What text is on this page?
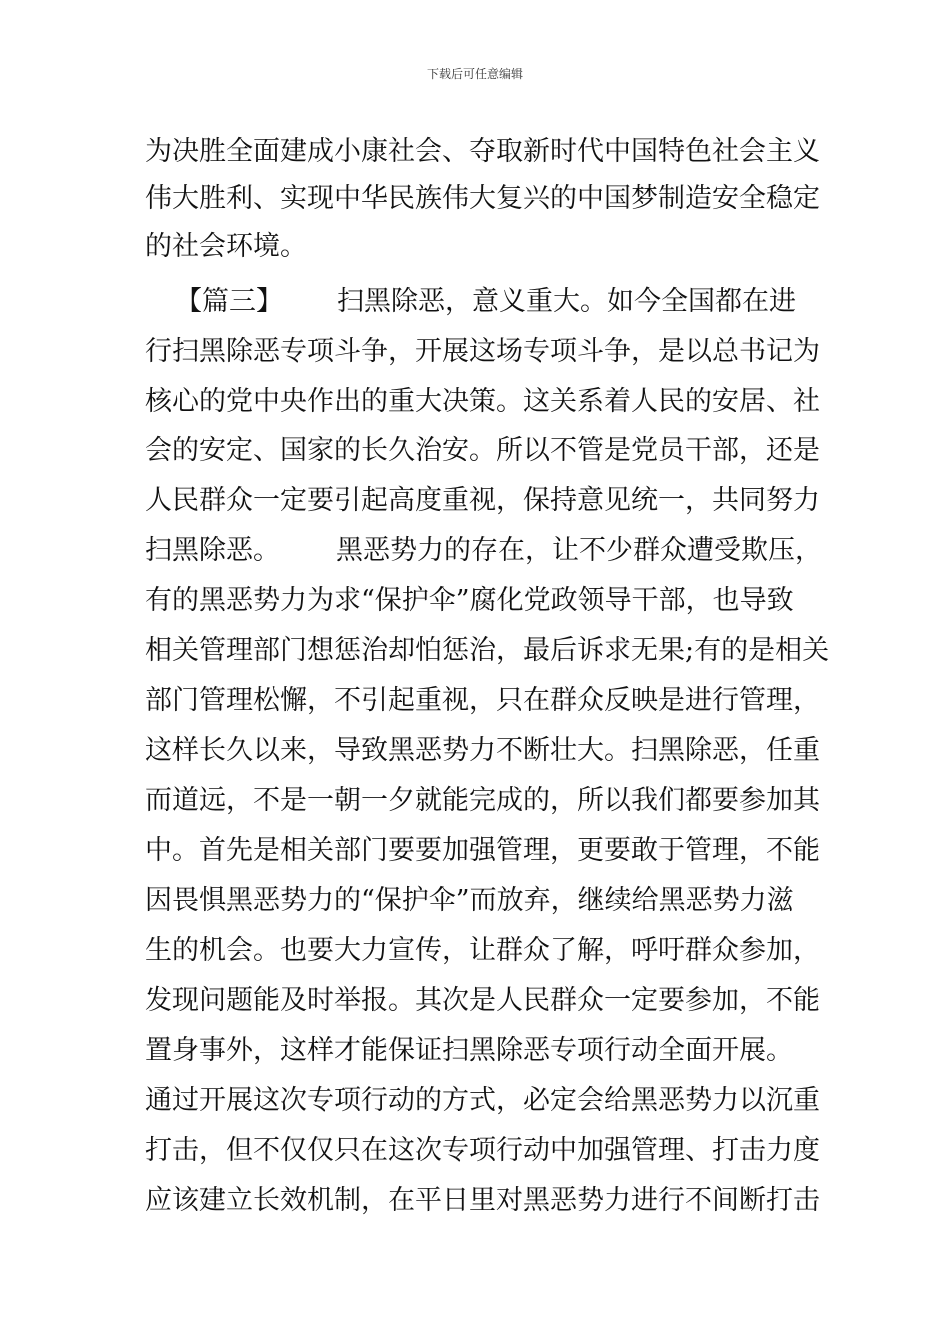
下载后可任意编辑
为决胜全面建成小康社会、夺取新时代中国特色社会主义
伟大胜利、实现中华民族伟大复兴的中国梦制造安全稳定
的社会环境。
【篇三】 扫黑除恶，意义重大。如今全国都在进
行扫黑除恶专项斗争，开展这场专项斗争，是以总书记为
核心的党中央作出的重大决策。这关系着人民的安居、社
会的安定、国家的长久治安。所以不管是党员干部，还是
人民群众一定要引起高度重视，保持意见统一，共同努力
扫黑除恶。 黑恶势力的存在，让不少群众遭受欺压，
有的黑恶势力为求“保护伞”腐化党政领导干部，也导致
相关管理部门想惩治却怕惩治，最后诉求无果;有的是相关
部门管理松懈，不引起重视，只在群众反映是进行管理，
这样长久以来，导致黑恶势力不断壮大。扫黑除恶，任重
而道远，不是一朝一夕就能完成的，所以我们都要参加其
中。首先是相关部门要要加强管理，更要敢于管理，不能
因畏惧黑恶势力的“保护伞”而放弃，继续给黑恶势力滋
生的机会。也要大力宣传，让群众了解，呼吁群众参加，
发现问题能及时举报。其次是人民群众一定要参加，不能
置身事外，这样才能保证扫黑除恶专项行动全面开展。
通过开展这次专项行动的方式，必定会给黑恶势力以沉重
打击，但不仅仅只在这次专项行动中加强管理、打击力度
应该建立长效机制，在平日里对黑恶势力进行不间断打击
